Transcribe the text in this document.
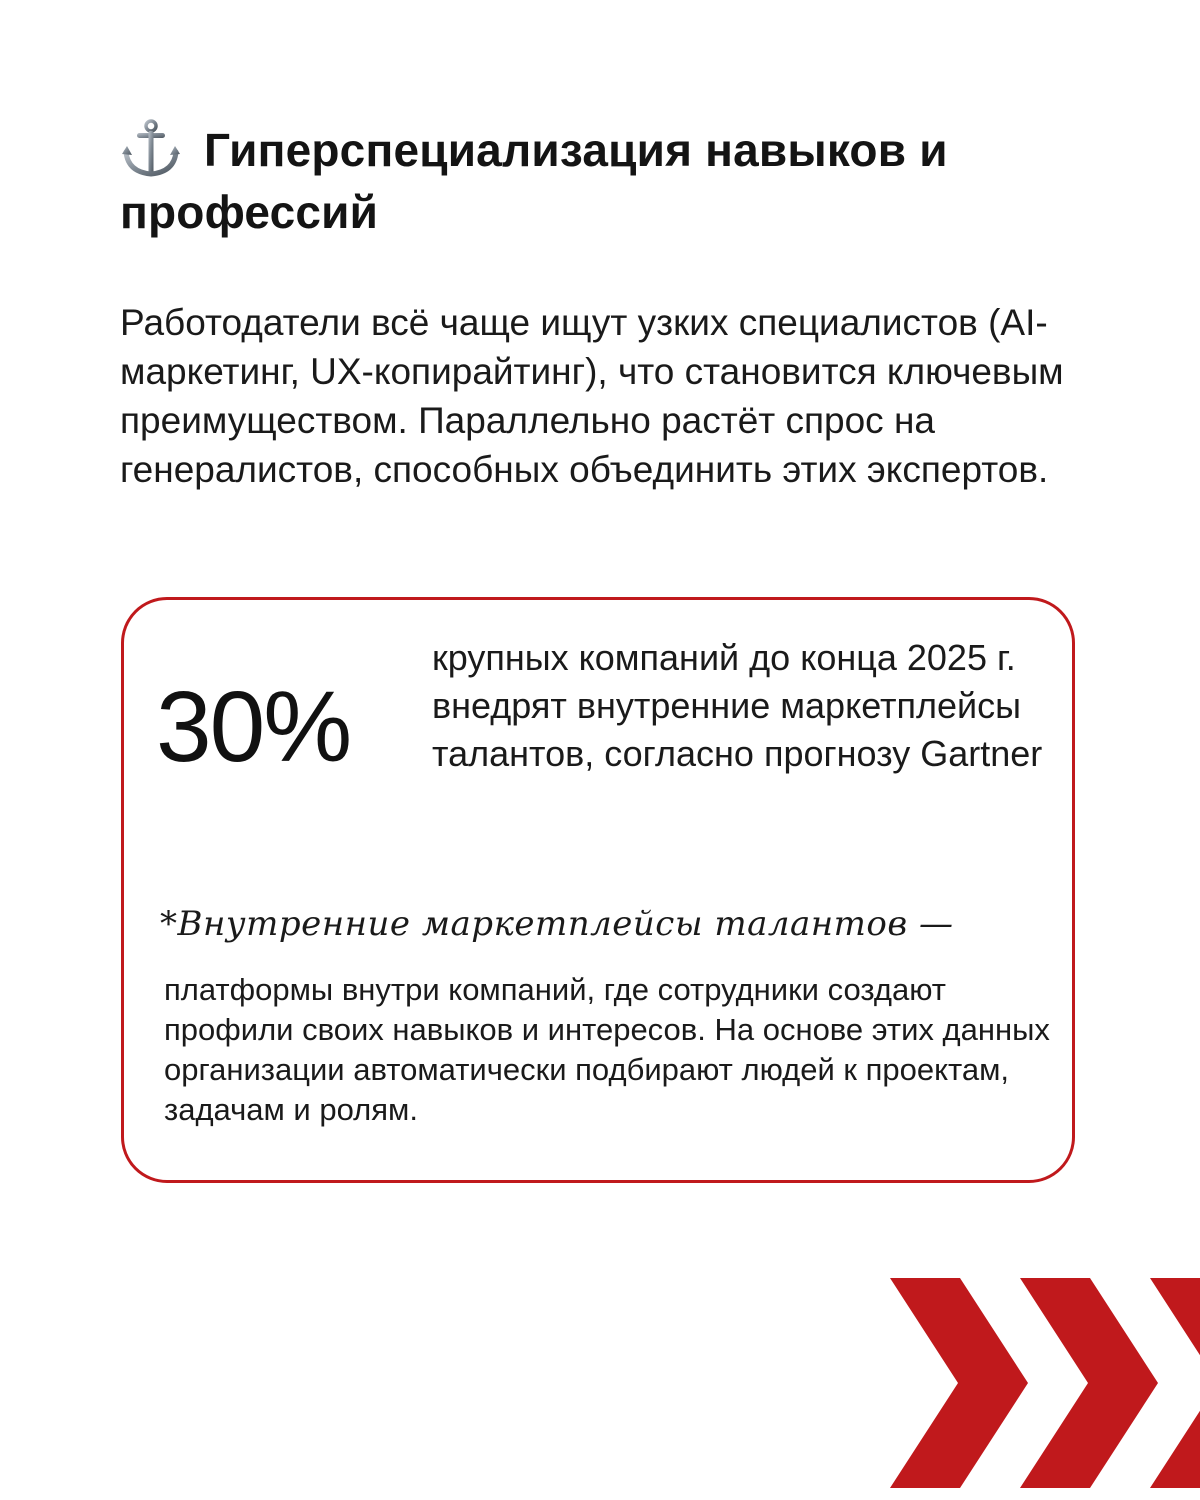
Гиперспециализация навыков и профессий

Работодатели всё чаще ищут узких специалистов (AI-маркетинг, UX-копирайтинг), что становится ключевым преимуществом. Параллельно растёт спрос на генералистов, способных объединить этих экспертов.

30%
крупных компаний до конца 2025 г. внедрят внутренние маркетплейсы талантов, согласно прогнозу Gartner
*Внутренние маркетплейсы талантов —
платформы внутри компаний, где сотрудники создают профили своих навыков и интересов. На основе этих данных организации автоматически подбирают людей к проектам, задачам и ролям.
